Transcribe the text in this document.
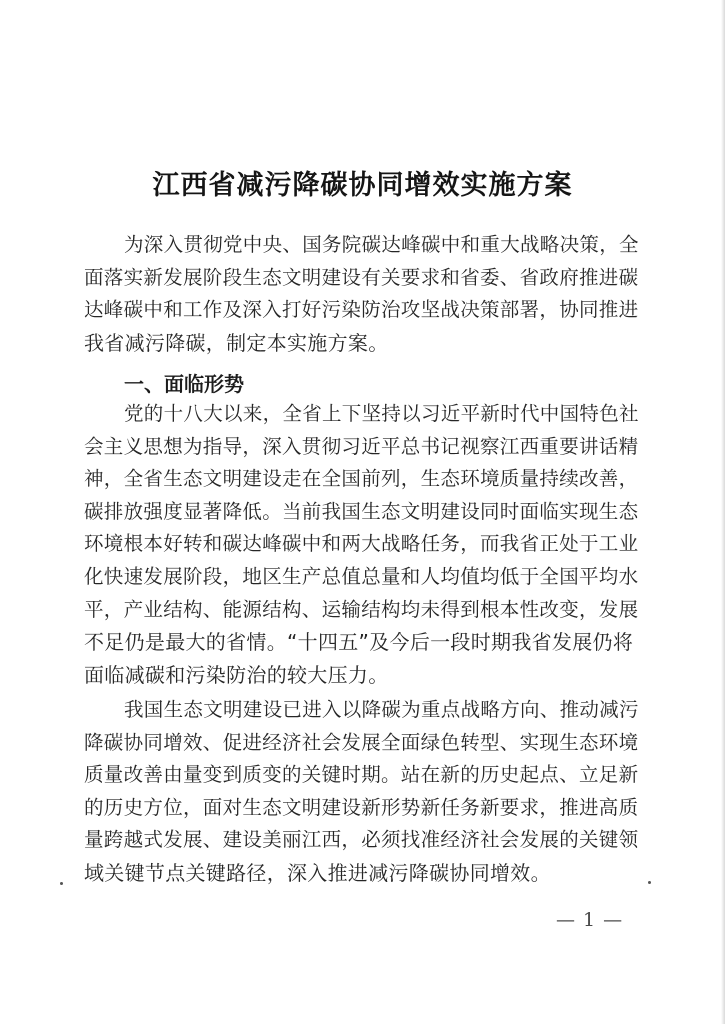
江西省减污降碳协同增效实施方案
为深入贯彻党中央、国务院碳达峰碳中和重大战略决策，全
面落实新发展阶段生态文明建设有关要求和省委、省政府推进碳
达峰碳中和工作及深入打好污染防治攻坚战决策部署，协同推进
我省减污降碳，制定本实施方案。
一、面临形势
党的十八大以来，全省上下坚持以习近平新时代中国特色社
会主义思想为指导，深入贯彻习近平总书记视察江西重要讲话精
神，全省生态文明建设走在全国前列，生态环境质量持续改善，
碳排放强度显著降低。当前我国生态文明建设同时面临实现生态
环境根本好转和碳达峰碳中和两大战略任务，而我省正处于工业
化快速发展阶段，地区生产总值总量和人均值均低于全国平均水
平，产业结构、能源结构、运输结构均未得到根本性改变，发展
不足仍是最大的省情。“十四五”及今后一段时期我省发展仍将
面临减碳和污染防治的较大压力。
我国生态文明建设已进入以降碳为重点战略方向、推动减污
降碳协同增效、促进经济社会发展全面绿色转型、实现生态环境
质量改善由量变到质变的关键时期。站在新的历史起点、立足新
的历史方位，面对生态文明建设新形势新任务新要求，推进高质
量跨越式发展、建设美丽江西，必须找准经济社会发展的关键领
域关键节点关键路径，深入推进减污降碳协同增效。
— 1 —
